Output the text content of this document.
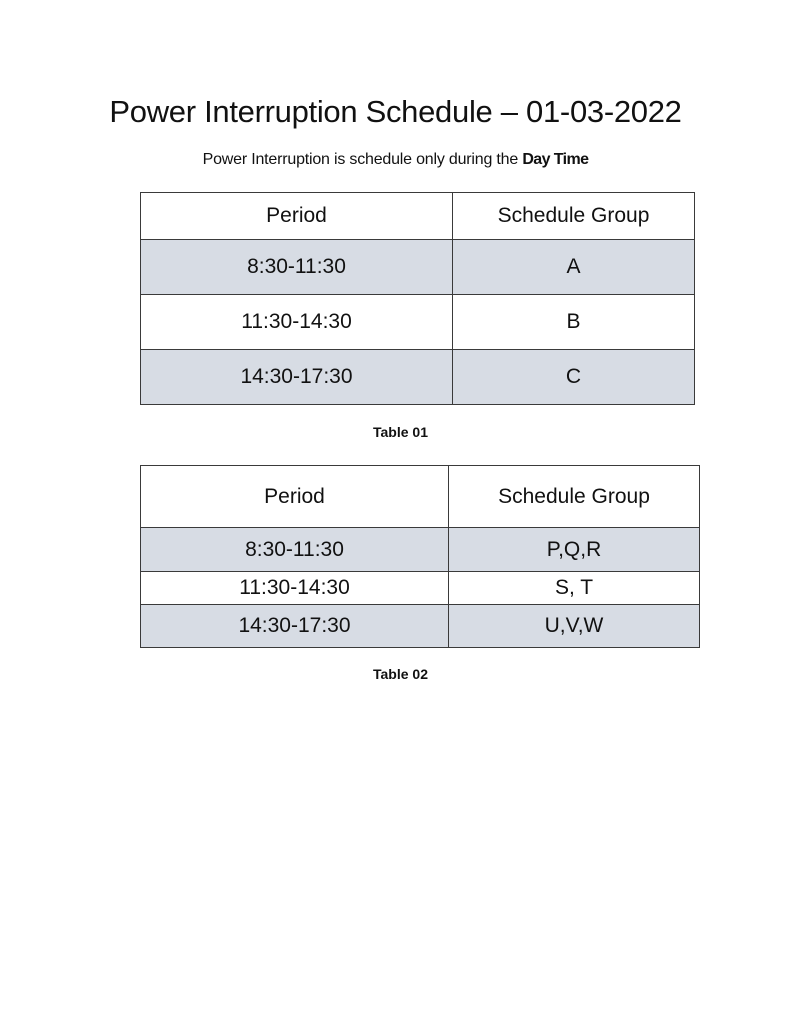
Power Interruption Schedule – 01-03-2022
Power Interruption is schedule only during the Day Time
Period	Schedule Group
8:30-11:30	A
11:30-14:30	B
14:30-17:30	C
Table 01
Period	Schedule Group
8:30-11:30	P,Q,R
11:30-14:30	S, T
14:30-17:30	U,V,W
Table 02
